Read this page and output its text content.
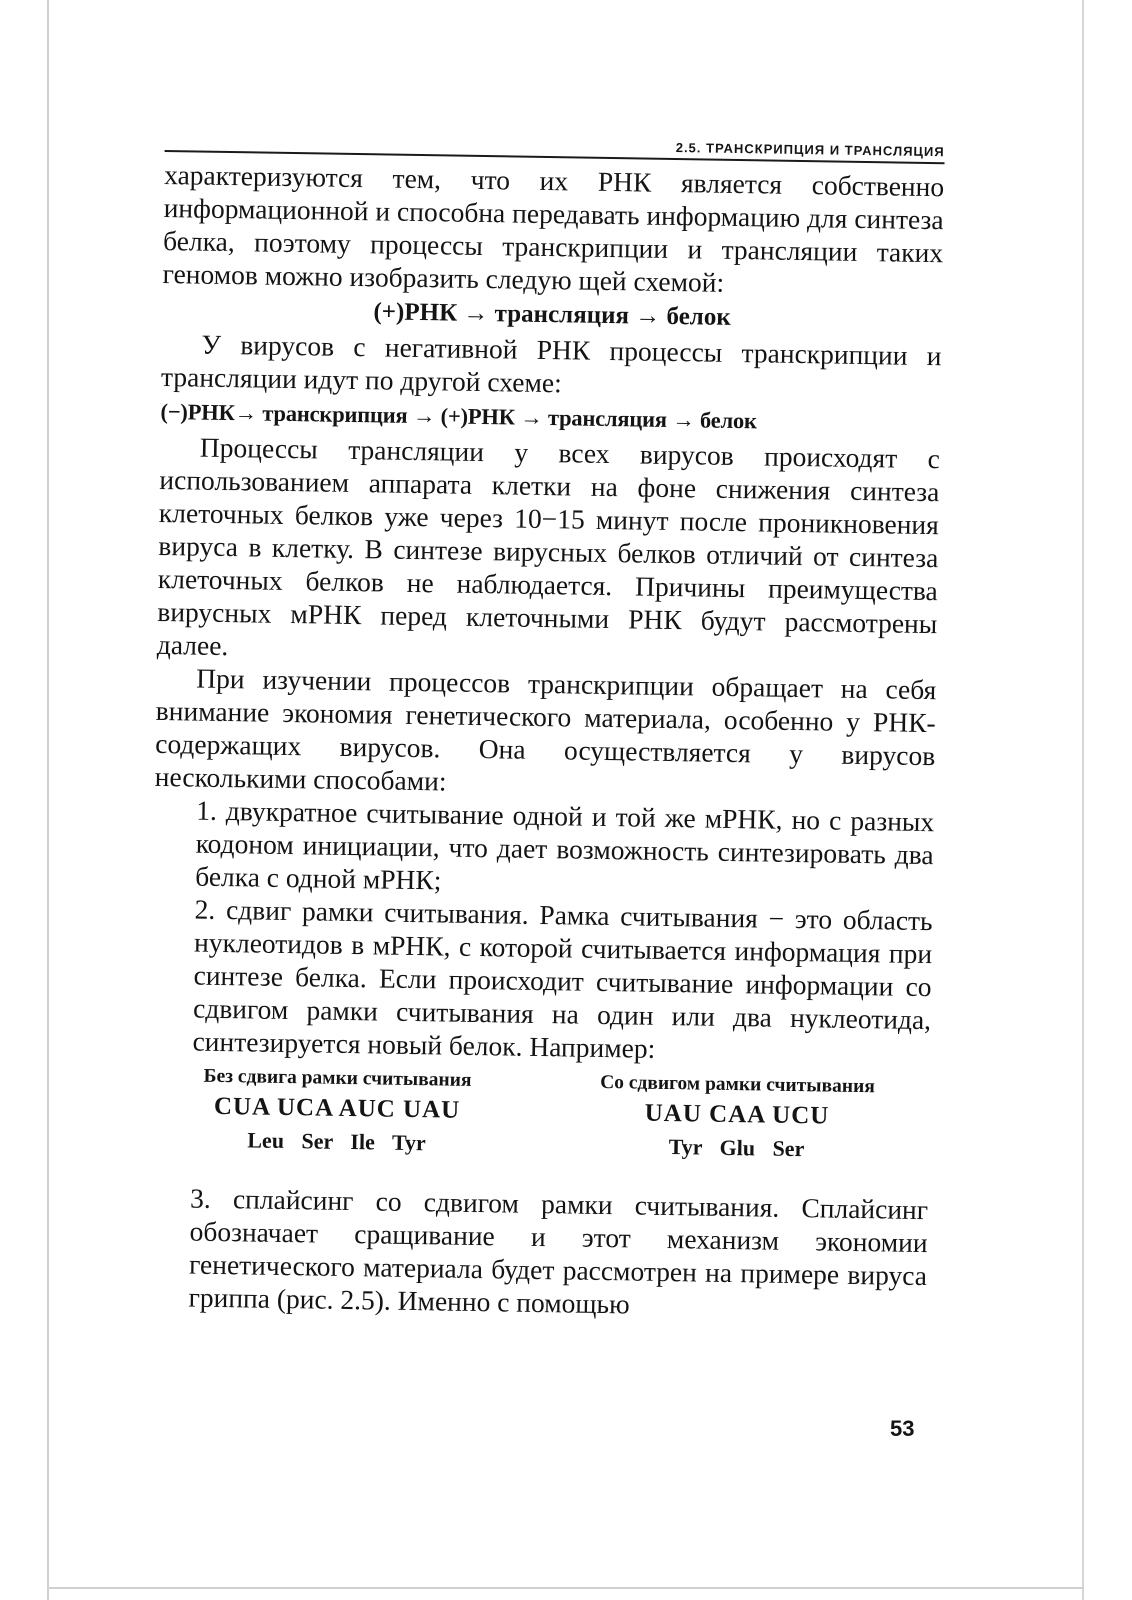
2.5. ТРАНСКРИПЦИЯ И ТРАНСЛЯЦИЯ

характеризуются тем, что их РНК является собственно информационной и способна передавать информацию для синтеза белка, поэтому процессы транскрипции и трансляции таких геномов можно изобразить следую щей схемой:

(+)РНК → трансляция → белок

У вирусов с негативной РНК процессы транскрипции и трансляции идут по другой схеме:

(−)РНК→ транскрипция → (+)РНК → трансляция → белок

Процессы трансляции у всех вирусов происходят с использованием аппарата клетки на фоне снижения синтеза клеточных белков уже через 10−15 минут после проникновения вируса в клетку. В синтезе вирусных белков отличий от синтеза клеточных белков не наблюдается. Причины преимущества вирусных мРНК перед клеточными РНК будут рассмотрены далее.

При изучении процессов транскрипции обращает на себя внимание экономия генетического материала, особенно у РНК-содержащих вирусов. Она осуществляется у вирусов несколькими способами:

1. двукратное считывание одной и той же мРНК, но с разных кодоном инициации, что дает возможность синтезировать два белка с одной мРНК;

2. сдвиг рамки считывания. Рамка считывания − это область нуклеотидов в мРНК, с которой считывается информация при синтезе белка. Если происходит считывание информации со сдвигом рамки считывания на один или два нуклеотида, синтезируется новый белок. Например:

Без сдвига рамки считывания
CUA UCA AUC UAU
Leu Ser Ile Tyr
Со сдвигом рамки считывания
UAU CAA UCU
Tyr Glu Ser

3. сплайсинг со сдвигом рамки считывания. Сплайсинг обозначает сращивание и этот механизм экономии генетического материала будет рассмотрен на примере вируса гриппа (рис. 2.5). Именно с помощью

53
